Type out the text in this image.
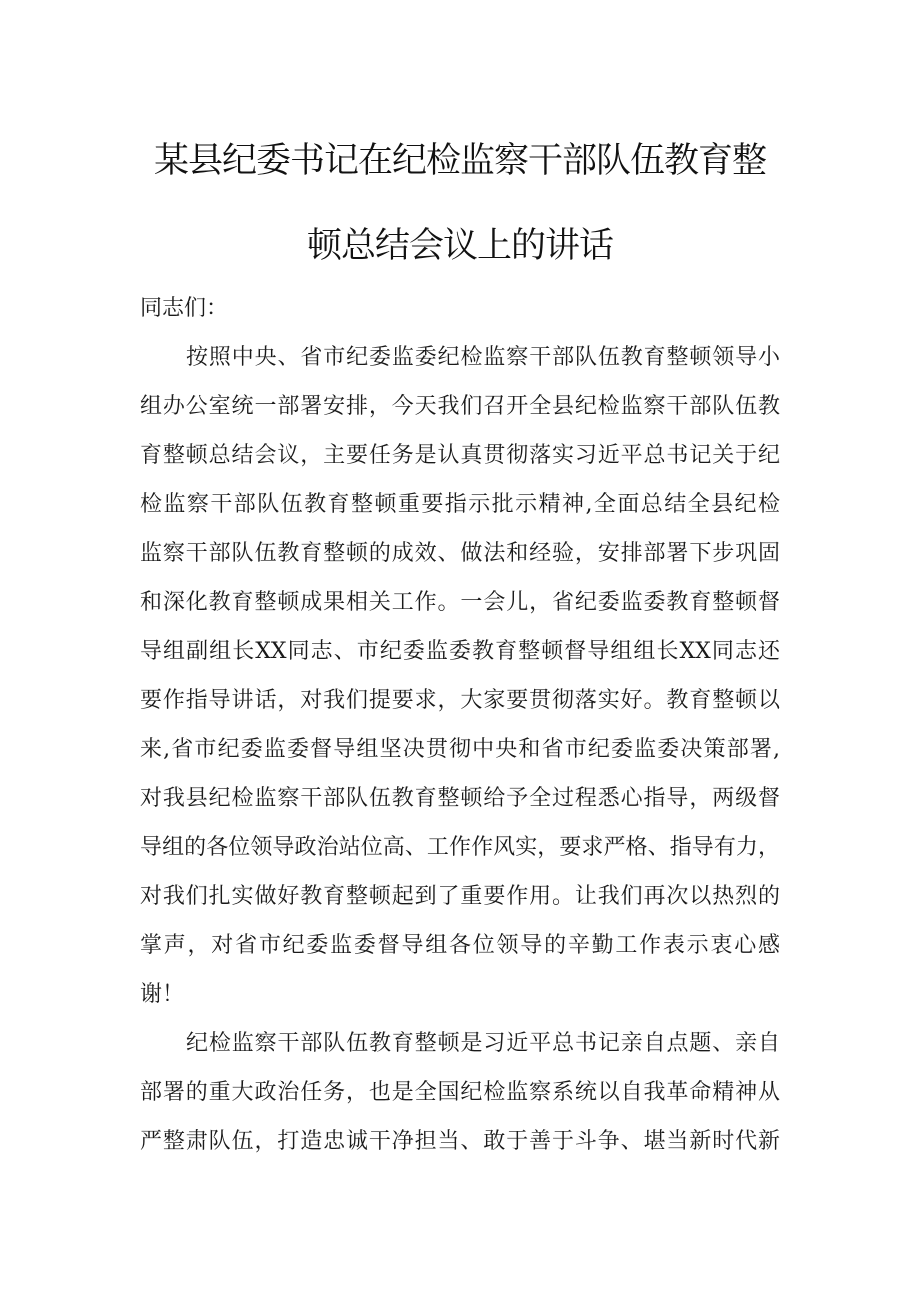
某县纪委书记在纪检监察干部队伍教育整
顿总结会议上的讲话

同志们：

按照中央、省市纪委监委纪检监察干部队伍教育整顿领导小

组办公室统一部署安排，今天我们召开全县纪检监察干部队伍教

育整顿总结会议，主要任务是认真贯彻落实习近平总书记关于纪

检监察干部队伍教育整顿重要指示批示精神,全面总结全县纪检

监察干部队伍教育整顿的成效、做法和经验，安排部署下步巩固

和深化教育整顿成果相关工作。一会儿，省纪委监委教育整顿督

导组副组长XX同志、市纪委监委教育整顿督导组组长XX同志还

要作指导讲话，对我们提要求，大家要贯彻落实好。教育整顿以

来,省市纪委监委督导组坚决贯彻中央和省市纪委监委决策部署,

对我县纪检监察干部队伍教育整顿给予全过程悉心指导，两级督

导组的各位领导政治站位高、工作作风实，要求严格、指导有力，

对我们扎实做好教育整顿起到了重要作用。让我们再次以热烈的

掌声，对省市纪委监委督导组各位领导的辛勤工作表示衷心感

谢！

纪检监察干部队伍教育整顿是习近平总书记亲自点题、亲自

部署的重大政治任务，也是全国纪检监察系统以自我革命精神从

严整肃队伍，打造忠诚干净担当、敢于善于斗争、堪当新时代新
